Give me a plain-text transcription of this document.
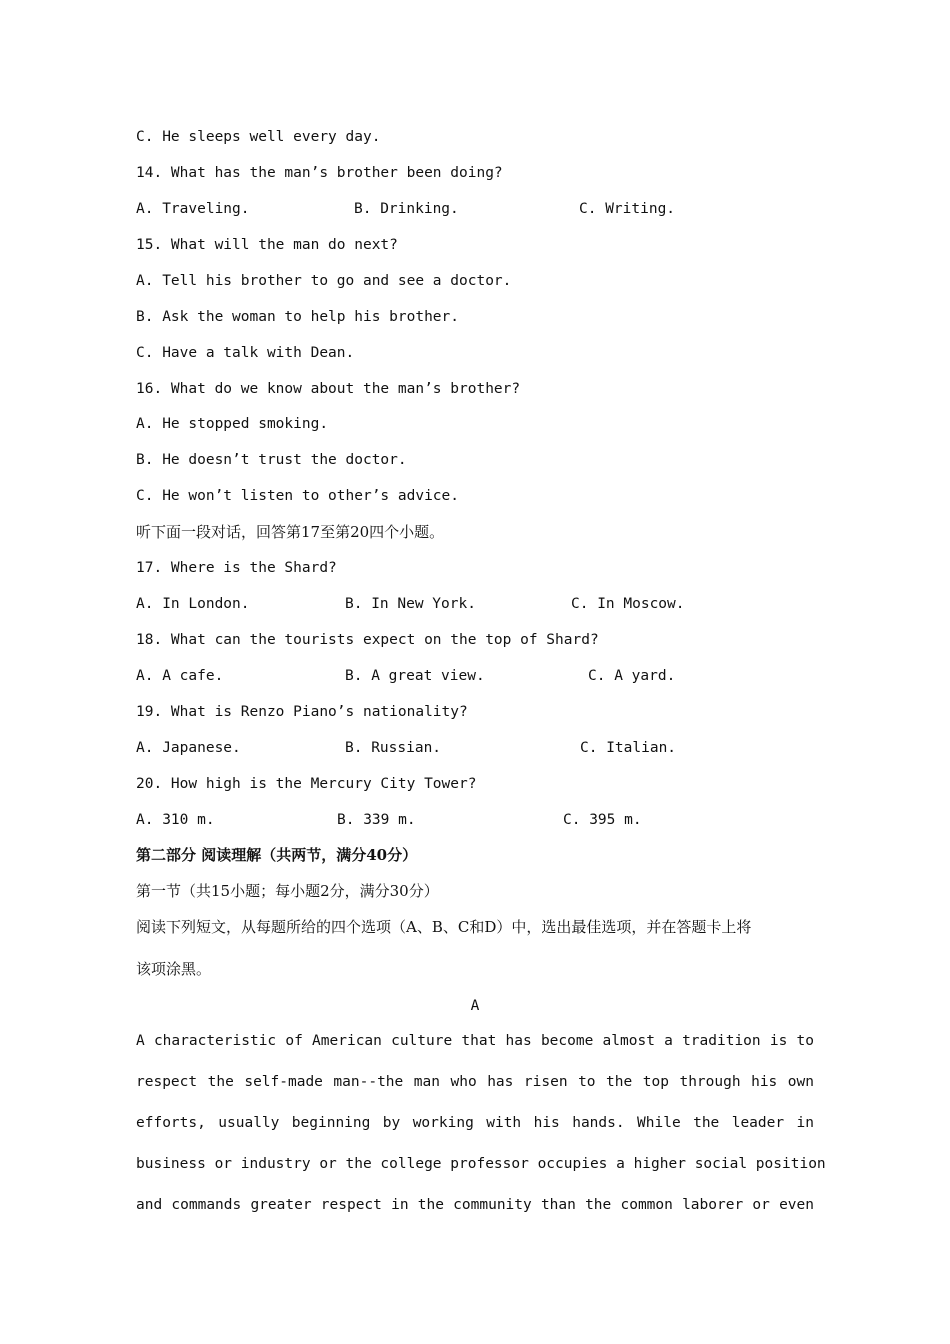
C. He sleeps well every day.
14. What has the man’s brother been doing?
A. Traveling.	B. Drinking.	C. Writing.
15. What will the man do next?
A. Tell his brother to go and see a doctor.
B. Ask the woman to help his brother.
C. Have a talk with Dean.
16. What do we know about the man’s brother?
A. He stopped smoking.
B. He doesn’t trust the doctor.
C. He won’t listen to other’s advice.
听下面一段对话，回答第17至第20四个小题。
17. Where is the Shard?
A. In London.	B. In New York.	C. In Moscow.
18. What can the tourists expect on the top of Shard?
A. A cafe.	B. A great view.	C. A yard.
19. What is Renzo Piano’s nationality?
A. Japanese.	B. Russian.	C. Italian.
20. How high is the Mercury City Tower?
A. 310 m.	B. 339 m.	C. 395 m.
第二部分 阅读理解（共两节，满分40分）
第一节（共15小题；每小题2分，满分30分）
阅读下列短文，从每题所给的四个选项（A、B、C和D）中，选出最佳选项，并在答题卡上将
该项涂黑。
A
A characteristic of American culture that has become almost a tradition is to
respect the self-made man--the man who has risen to the top through his own
efforts, usually beginning by working with his hands. While the leader in
business or industry or the college professor occupies a higher social position
and commands greater respect in the community than the common laborer or even
